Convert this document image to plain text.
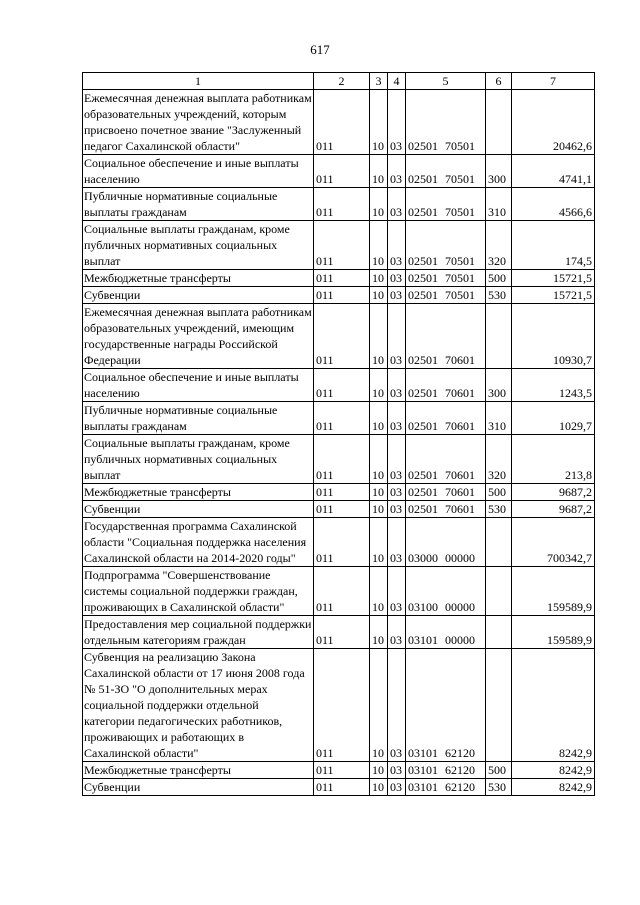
617
1	2	3	4	5	6	7
Ежемесячная денежная выплата работникам образовательных учреждений, которым присвоено почетное звание "Заслуженный педагог Сахалинской области"	011	10	03	02501 70501		20462,6
Социальное обеспечение и иные выплаты населению	011	10	03	02501 70501	300	4741,1
Публичные нормативные социальные выплаты гражданам	011	10	03	02501 70501	310	4566,6
Социальные выплаты гражданам, кроме публичных нормативных социальных выплат	011	10	03	02501 70501	320	174,5
Межбюджетные трансферты	011	10	03	02501 70501	500	15721,5
Субвенции	011	10	03	02501 70501	530	15721,5
Ежемесячная денежная выплата работникам образовательных учреждений, имеющим государственные награды Российской Федерации	011	10	03	02501 70601		10930,7
Социальное обеспечение и иные выплаты населению	011	10	03	02501 70601	300	1243,5
Публичные нормативные социальные выплаты гражданам	011	10	03	02501 70601	310	1029,7
Социальные выплаты гражданам, кроме публичных нормативных социальных выплат	011	10	03	02501 70601	320	213,8
Межбюджетные трансферты	011	10	03	02501 70601	500	9687,2
Субвенции	011	10	03	02501 70601	530	9687,2
Государственная программа Сахалинской области "Социальная поддержка населения Сахалинской области на 2014-2020 годы"	011	10	03	03000 00000		700342,7
Подпрограмма "Совершенствование системы социальной поддержки граждан, проживающих в Сахалинской области"	011	10	03	03100 00000		159589,9
Предоставления мер социальной поддержки отдельным категориям граждан	011	10	03	03101 00000		159589,9
Субвенция на реализацию Закона Сахалинской области от 17 июня 2008 года № 51-ЗО "О дополнительных мерах социальной поддержки отдельной категории педагогических работников, проживающих и работающих в Сахалинской области"	011	10	03	03101 62120		8242,9
Межбюджетные трансферты	011	10	03	03101 62120	500	8242,9
Субвенции	011	10	03	03101 62120	530	8242,9
